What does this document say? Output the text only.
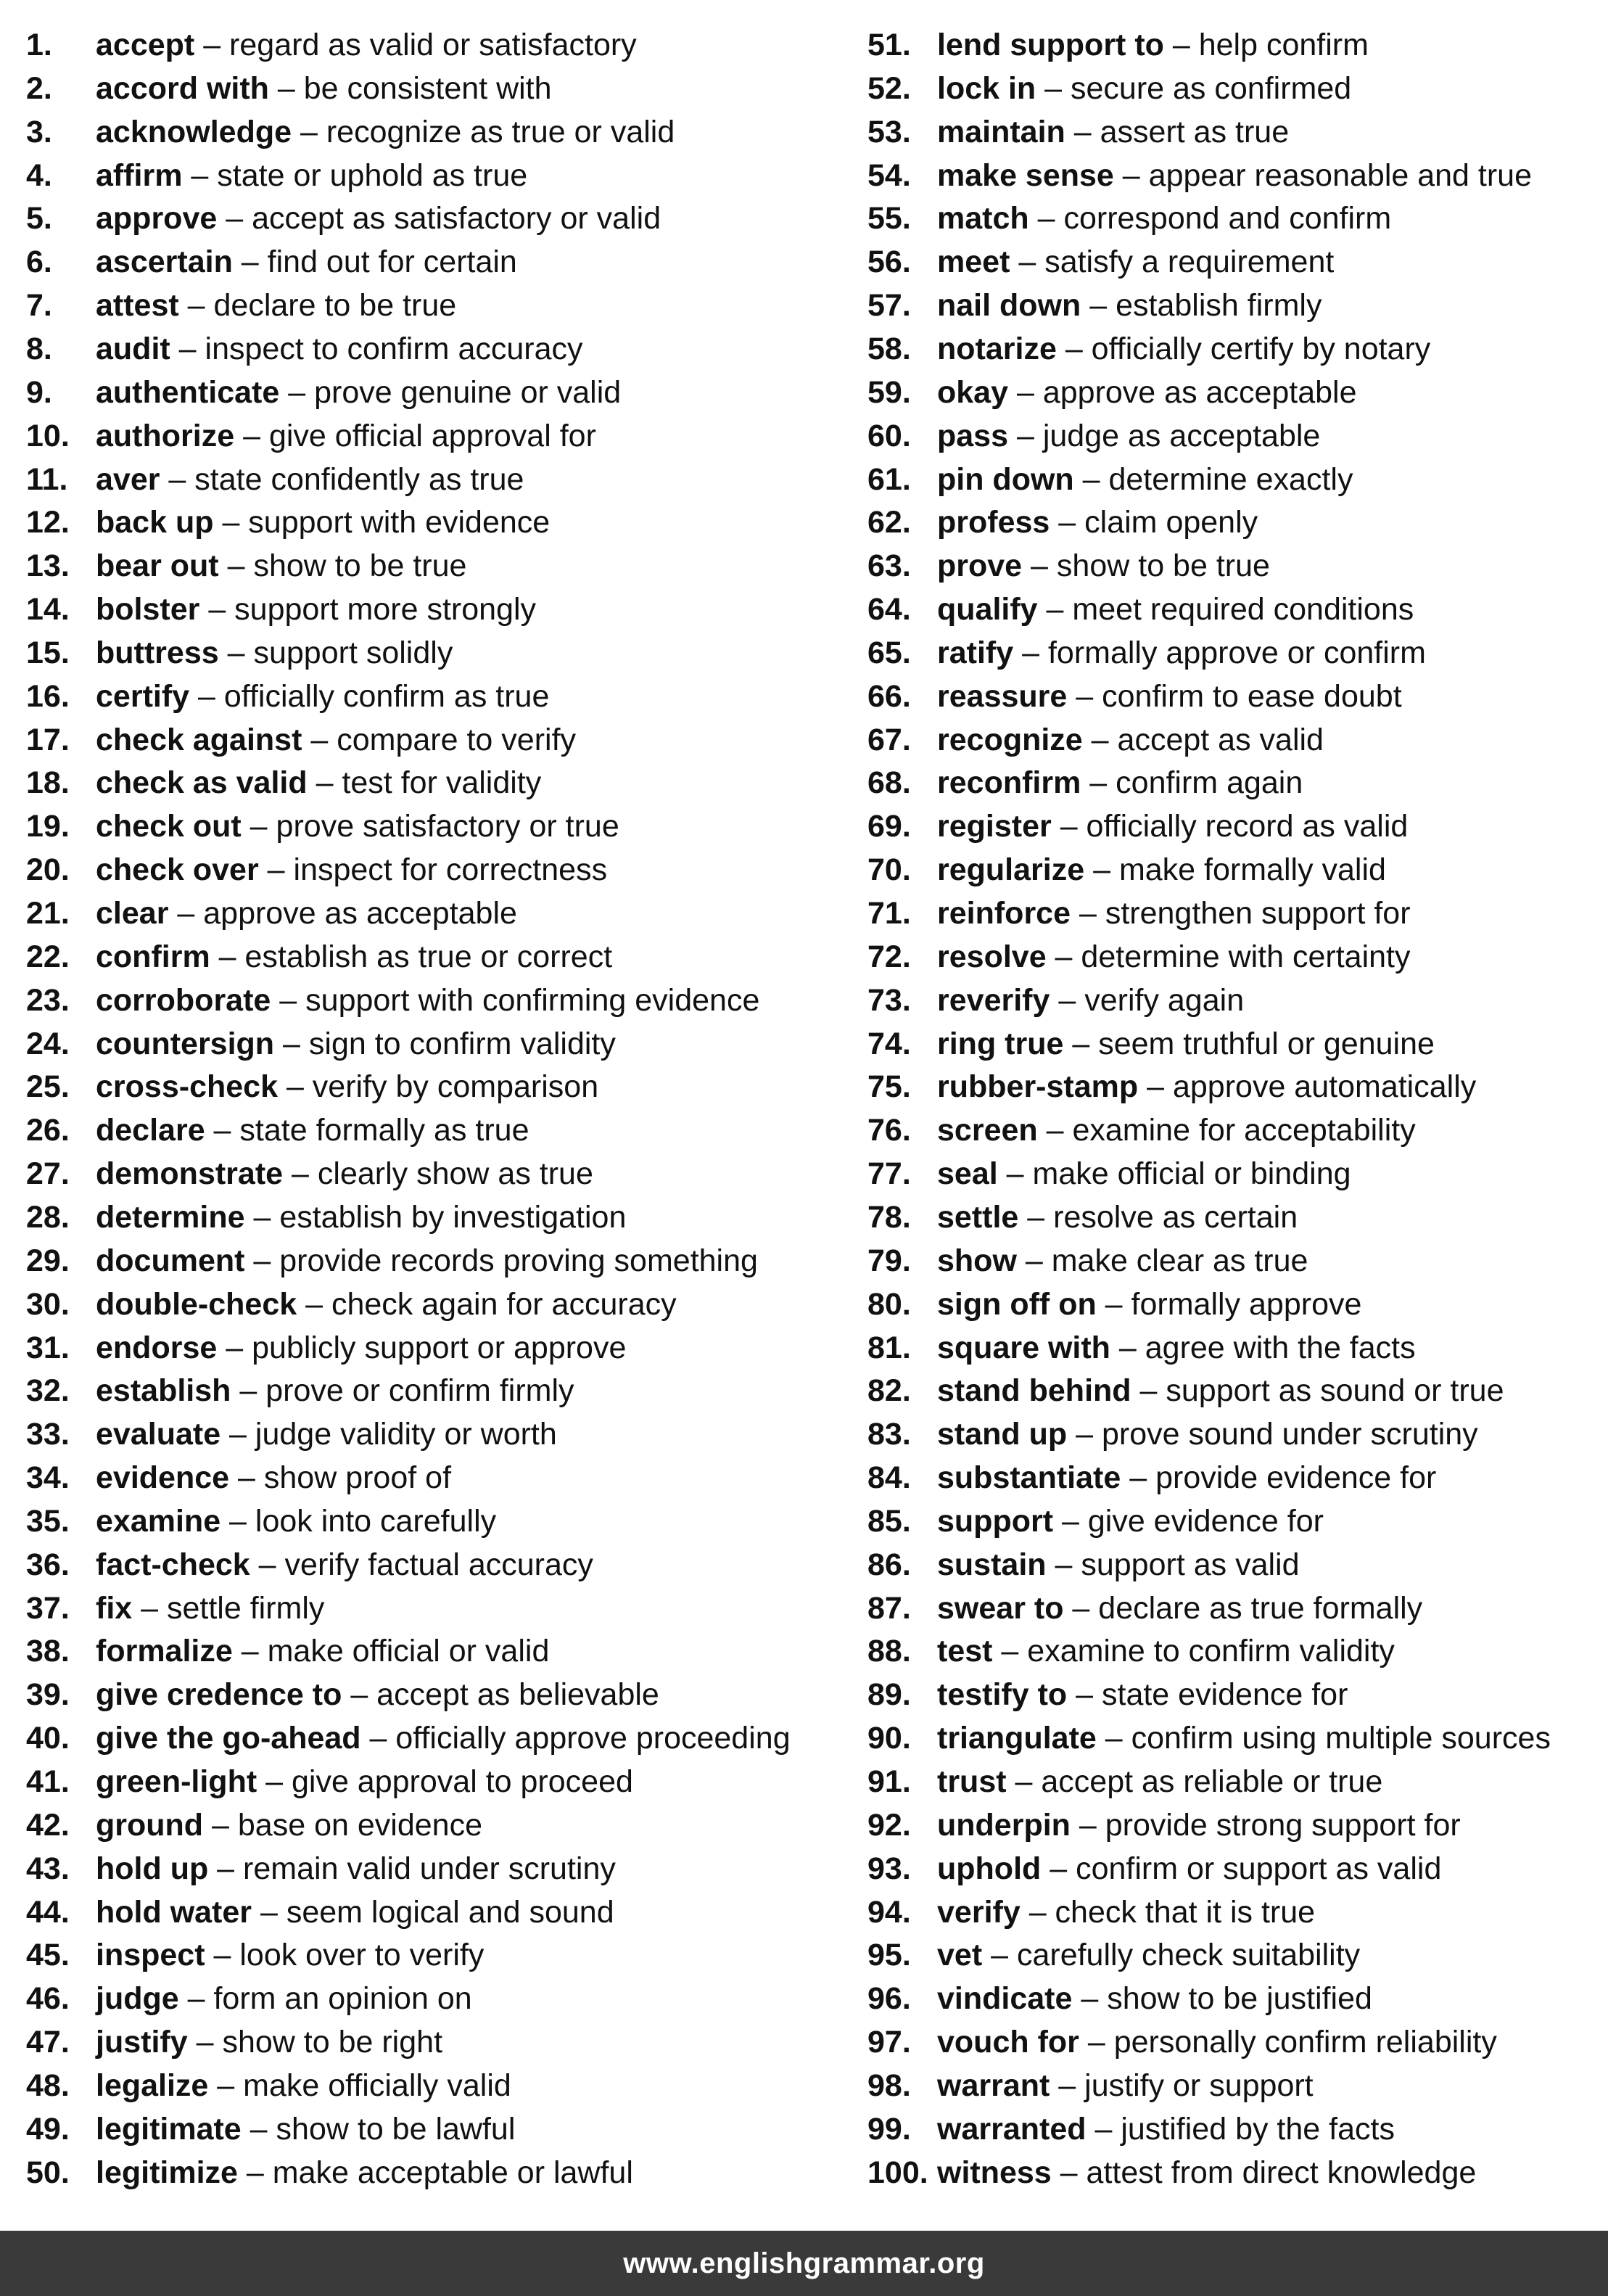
1. accept – regard as valid or satisfactory
2. accord with – be consistent with
3. acknowledge – recognize as true or valid
4. affirm – state or uphold as true
5. approve – accept as satisfactory or valid
6. ascertain – find out for certain
7. attest – declare to be true
8. audit – inspect to confirm accuracy
9. authenticate – prove genuine or valid
10. authorize – give official approval for
11. aver – state confidently as true
12. back up – support with evidence
13. bear out – show to be true
14. bolster – support more strongly
15. buttress – support solidly
16. certify – officially confirm as true
17. check against – compare to verify
18. check as valid – test for validity
19. check out – prove satisfactory or true
20. check over – inspect for correctness
21. clear – approve as acceptable
22. confirm – establish as true or correct
23. corroborate – support with confirming evidence
24. countersign – sign to confirm validity
25. cross-check – verify by comparison
26. declare – state formally as true
27. demonstrate – clearly show as true
28. determine – establish by investigation
29. document – provide records proving something
30. double-check – check again for accuracy
31. endorse – publicly support or approve
32. establish – prove or confirm firmly
33. evaluate – judge validity or worth
34. evidence – show proof of
35. examine – look into carefully
36. fact-check – verify factual accuracy
37. fix – settle firmly
38. formalize – make official or valid
39. give credence to – accept as believable
40. give the go-ahead – officially approve proceeding
41. green-light – give approval to proceed
42. ground – base on evidence
43. hold up – remain valid under scrutiny
44. hold water – seem logical and sound
45. inspect – look over to verify
46. judge – form an opinion on
47. justify – show to be right
48. legalize – make officially valid
49. legitimate – show to be lawful
50. legitimize – make acceptable or lawful
51. lend support to – help confirm
52. lock in – secure as confirmed
53. maintain – assert as true
54. make sense – appear reasonable and true
55. match – correspond and confirm
56. meet – satisfy a requirement
57. nail down – establish firmly
58. notarize – officially certify by notary
59. okay – approve as acceptable
60. pass – judge as acceptable
61. pin down – determine exactly
62. profess – claim openly
63. prove – show to be true
64. qualify – meet required conditions
65. ratify – formally approve or confirm
66. reassure – confirm to ease doubt
67. recognize – accept as valid
68. reconfirm – confirm again
69. register – officially record as valid
70. regularize – make formally valid
71. reinforce – strengthen support for
72. resolve – determine with certainty
73. reverify – verify again
74. ring true – seem truthful or genuine
75. rubber-stamp – approve automatically
76. screen – examine for acceptability
77. seal – make official or binding
78. settle – resolve as certain
79. show – make clear as true
80. sign off on – formally approve
81. square with – agree with the facts
82. stand behind – support as sound or true
83. stand up – prove sound under scrutiny
84. substantiate – provide evidence for
85. support – give evidence for
86. sustain – support as valid
87. swear to – declare as true formally
88. test – examine to confirm validity
89. testify to – state evidence for
90. triangulate – confirm using multiple sources
91. trust – accept as reliable or true
92. underpin – provide strong support for
93. uphold – confirm or support as valid
94. verify – check that it is true
95. vet – carefully check suitability
96. vindicate – show to be justified
97. vouch for – personally confirm reliability
98. warrant – justify or support
99. warranted – justified by the facts
100. witness – attest from direct knowledge
www.englishgrammar.org
